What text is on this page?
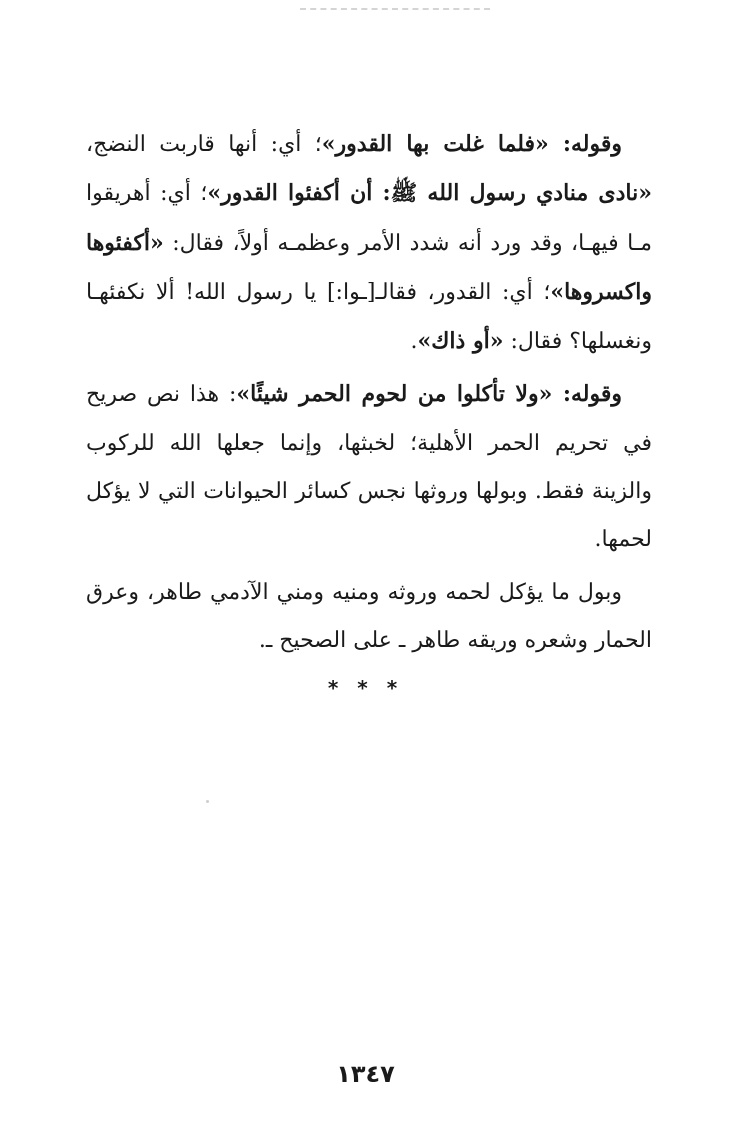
وقوله: «فلما غلت بها القدور»؛ أي: أنها قاربت النضج، «نادى منادي رسول الله ﷺ: أن أكفئوا القدور»؛ أي: أهريقوا مـا فيهـا، وقد ورد أنه شدد الأمر وعظمـه أولاً، فقال: «أكفئوها واكسروها»؛ أي: القدور، فقالـ[ـوا:] يا رسول الله! ألا نكفئهـا ونغسلها؟ فقال: «أو ذاك».

وقوله: «ولا تأكلوا من لحوم الحمر شيئًا»: هذا نص صريح في تحريم الحمر الأهلية؛ لخبثها، وإنما جعلها الله للركوب والزينة فقط. وبولها وروثها نجس كسائر الحيوانات التي لا يؤكل لحمها.

وبول ما يؤكل لحمه وروثه ومنيه ومني الآدمي طاهر، وعرق الحمار وشعره وريقه طاهر ـ على الصحيح ـ.

* * *
١٣٤٧
